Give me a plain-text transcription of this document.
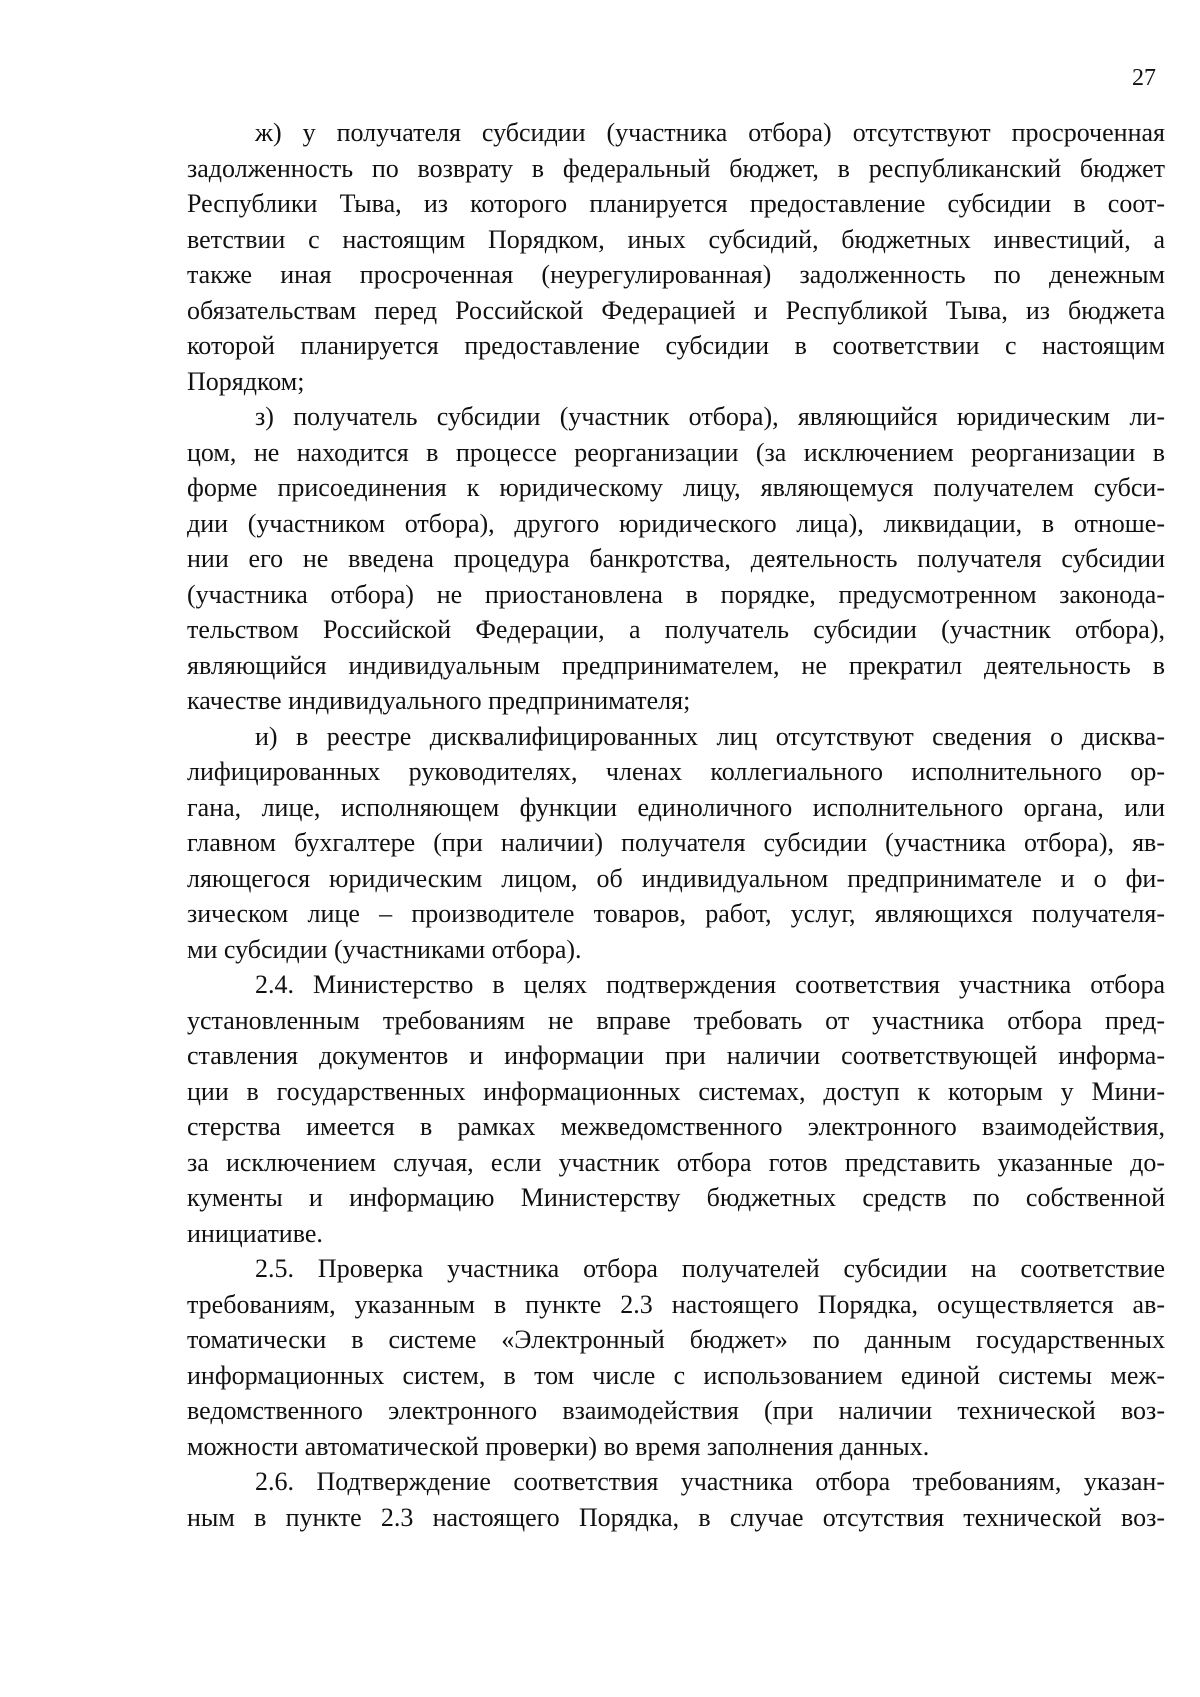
27
ж) у получателя субсидии (участника отбора) отсутствуют просроченная
задолженность по возврату в федеральный бюджет, в республиканский бюджет
Республики Тыва, из которого планируется предоставление субсидии в соот-
ветствии с настоящим Порядком, иных субсидий, бюджетных инвестиций, а
также иная просроченная (неурегулированная) задолженность по денежным
обязательствам перед Российской Федерацией и Республикой Тыва, из бюджета
которой планируется предоставление субсидии в соответствии с настоящим
Порядком;
з) получатель субсидии (участник отбора), являющийся юридическим ли-
цом, не находится в процессе реорганизации (за исключением реорганизации в
форме присоединения к юридическому лицу, являющемуся получателем субси-
дии (участником отбора), другого юридического лица), ликвидации, в отноше-
нии его не введена процедура банкротства, деятельность получателя субсидии
(участника отбора) не приостановлена в порядке, предусмотренном законода-
тельством Российской Федерации, а получатель субсидии (участник отбора),
являющийся индивидуальным предпринимателем, не прекратил деятельность в
качестве индивидуального предпринимателя;
и) в реестре дисквалифицированных лиц отсутствуют сведения о дисква-
лифицированных руководителях, членах коллегиального исполнительного ор-
гана, лице, исполняющем функции единоличного исполнительного органа, или
главном бухгалтере (при наличии) получателя субсидии (участника отбора), яв-
ляющегося юридическим лицом, об индивидуальном предпринимателе и о фи-
зическом лице – производителе товаров, работ, услуг, являющихся получателя-
ми субсидии (участниками отбора).
2.4. Министерство в целях подтверждения соответствия участника отбора
установленным требованиям не вправе требовать от участника отбора пред-
ставления документов и информации при наличии соответствующей информа-
ции в государственных информационных системах, доступ к которым у Мини-
стерства имеется в рамках межведомственного электронного взаимодействия,
за исключением случая, если участник отбора готов представить указанные до-
кументы и информацию Министерству бюджетных средств по собственной
инициативе.
2.5. Проверка участника отбора получателей субсидии на соответствие
требованиям, указанным в пункте 2.3 настоящего Порядка, осуществляется ав-
томатически в системе «Электронный бюджет» по данным государственных
информационных систем, в том числе с использованием единой системы меж-
ведомственного электронного взаимодействия (при наличии технической воз-
можности автоматической проверки) во время заполнения данных.
2.6. Подтверждение соответствия участника отбора требованиям, указан-
ным в пункте 2.3 настоящего Порядка, в случае отсутствия технической воз-
